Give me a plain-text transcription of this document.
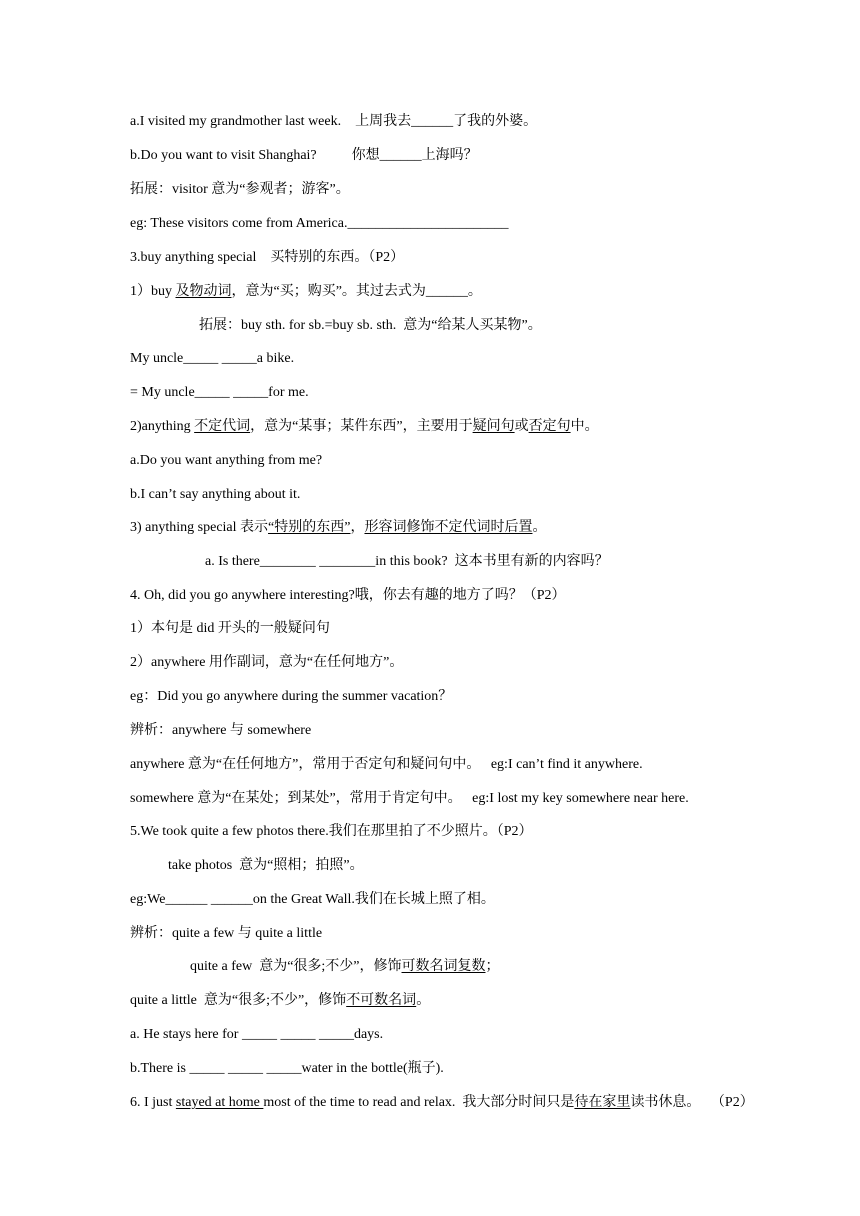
a.I visited my grandmother last week.    上周我去______了我的外婆。
b.Do you want to visit Shanghai?          你想______上海吗？
拓展：visitor 意为“参观者；游客”。
eg: These visitors come from America._______________________
3.buy anything special    买特别的东西。（P2）
1）buy 及物动词，意为“买；购买”。其过去式为______。
拓展：buy sth. for sb.=buy sb. sth.  意为“给某人买某物”。
My uncle_____ _____a bike.
= My uncle_____ _____for me.
2)anything 不定代词，意为“某事；某件东西”，主要用于疑问句或否定句中。
a.Do you want anything from me?
b.I can’t say anything about it.
3) anything special 表示“特别的东西”，形容词修饰不定代词时后置。
a. Is there________ ________in this book?  这本书里有新的内容吗？
4. Oh, did you go anywhere interesting?哦，你去有趣的地方了吗？（P2）
1）本句是 did 开头的一般疑问句
2）anywhere 用作副词，意为“在任何地方”。
eg：Did you go anywhere during the summer vacation？
辨析：anywhere 与 somewhere
anywhere 意为“在任何地方”，常用于否定句和疑问句中。   eg:I can’t find it anywhere.
somewhere 意为“在某处；到某处”，常用于肯定句中。   eg:I lost my key somewhere near here.
5.We took quite a few photos there.我们在那里拍了不少照片。（P2）
take photos  意为“照相；拍照”。
eg:We______ ______on the Great Wall.我们在长城上照了相。
辨析：quite a few 与 quite a little
quite a few  意为“很多;不少”，修饰可数名词复数；
quite a little  意为“很多;不少”，修饰不可数名词。
a. He stays here for _____ _____ _____days.
b.There is _____ _____ _____water in the bottle(瓶子).
6. I just stayed at home most of the time to read and relax.  我大部分时间只是待在家里读书休息。   （P2）
